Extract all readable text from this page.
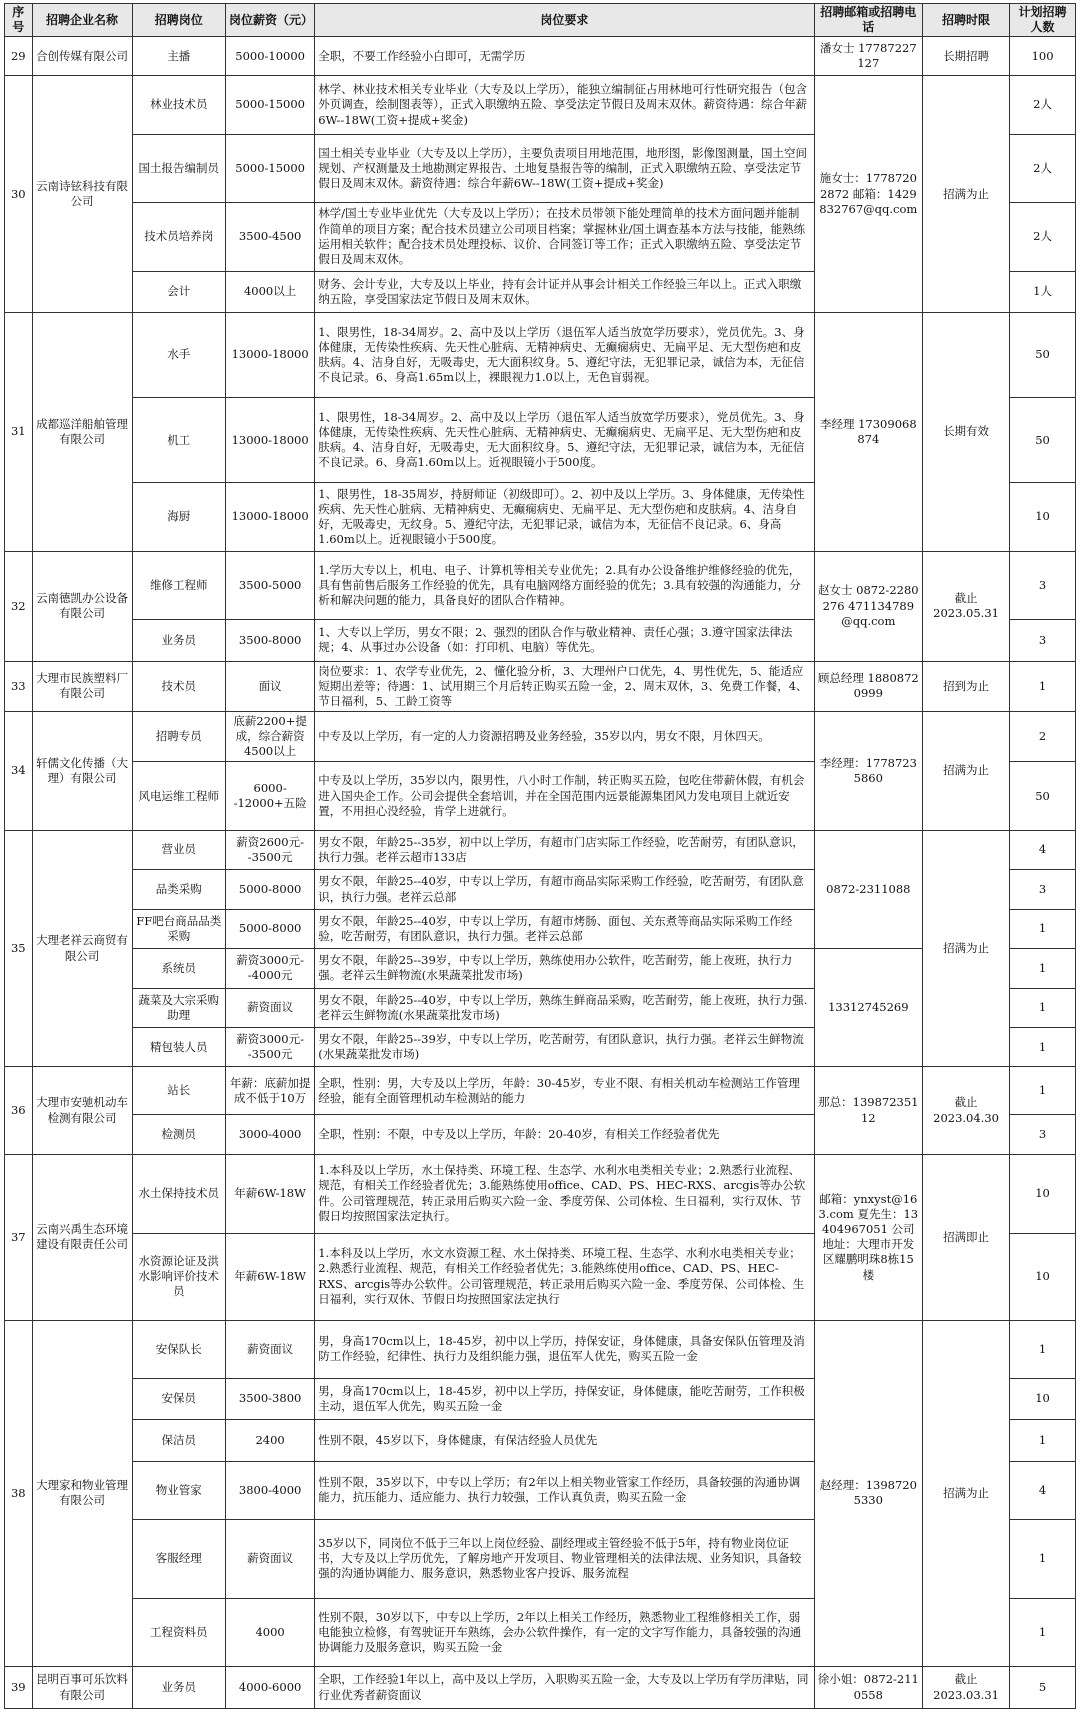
序号	招聘企业名称	招聘岗位	岗位薪资（元）	岗位要求	招聘邮箱或招聘电话	招聘时限	计划招聘人数
29	合创传媒有限公司	主播	5000-10000	全职，不要工作经验小白即可，无需学历	潘女士 17787227127	长期招聘	100
30	云南诗铉科技有限公司	林业技术员	5000-15000	林学、林业技术相关专业毕业（大专及以上学历），能独立编制征占用林地可行性研究报告（包含外页调查，绘制图表等），正式入职缴纳五险、享受法定节假日及周末双休。薪资待遇：综合年薪6W--18W(工资+提成+奖金)	施女士：17787202872 邮箱：1429832767@qq.com	招满为止	2人
		国土报告编制员	5000-15000	国土相关专业毕业（大专及以上学历），主要负责项目用地范围，地形图，影像图测量，国土空间规划、产权测量及土地勘测定界报告、土地复垦报告等的编制，正式入职缴纳五险、享受法定节假日及周末双休。薪资待遇：综合年薪6W--18W(工资+提成+奖金)			2人
		技术员培养岗	3500-4500	林学/国土专业毕业优先（大专及以上学历）；在技术员带领下能处理简单的技术方面问题并能制作简单的项目方案；配合技术员建立公司项目档案；掌握林业/国土调查基本方法与技能，能熟练运用相关软件；配合技术员处理投标、议价、合同签订等工作；正式入职缴纳五险、享受法定节假日及周末双休。			2人
		会计	4000以上	财务、会计专业，大专及以上毕业，持有会计证并从事会计相关工作经验三年以上。正式入职缴纳五险，享受国家法定节假日及周末双休。			1人
31	成都巡洋船舶管理有限公司	水手	13000-18000	1、限男性，18-34周岁。2、高中及以上学历（退伍军人适当放宽学历要求），党员优先。3、身体健康，无传染性疾病、先天性心脏病、无精神病史、无癫痫病史、无扁平足、无大型伤疤和皮肤病。4、洁身自好，无吸毒史，无大面积纹身。5、遵纪守法，无犯罪记录，诚信为本，无征信不良记录。6、身高1.65m以上，裸眼视力1.0以上，无色盲弱视。	李经理 17309068874	长期有效	50
		机工	13000-18000	1、限男性，18-34周岁。2、高中及以上学历（退伍军人适当放宽学历要求），党员优先。3、身体健康，无传染性疾病、先天性心脏病、无精神病史、无癫痫病史、无扁平足、无大型伤疤和皮肤病。4、洁身自好，无吸毒史，无大面积纹身。5、遵纪守法，无犯罪记录，诚信为本，无征信不良记录。6、身高1.60m以上。近视眼镜小于500度。			50
		海厨	13000-18000	1、限男性，18-35周岁，持厨师证（初级即可）。2、初中及以上学历。3、身体健康，无传染性疾病、先天性心脏病、无精神病史、无癫痫病史、无扁平足、无大型伤疤和皮肤病。4、洁身自好，无吸毒史，无纹身。5、遵纪守法，无犯罪记录，诚信为本，无征信不良记录。6、身高1.60m以上。近视眼镜小于500度。			10
32	云南德凯办公设备有限公司	维修工程师	3500-5000	1.学历大专以上，机电、电子、计算机等相关专业优先；2.具有办公设备维护维修经验的优先，具有售前售后服务工作经验的优先，具有电脑网络方面经验的优先；3.具有较强的沟通能力，分析和解决问题的能力，具备良好的团队合作精神。	赵女士 0872-2280276 471134789@qq.com	截止 2023.05.31	3
		业务员	3500-8000	1、大专以上学历，男女不限；2、强烈的团队合作与敬业精神、责任心强；3.遵守国家法律法规；4、从事过办公设备（如：打印机、电脑）等优先。			3
33	大理市民族塑料厂有限公司	技术员	面议	岗位要求：1、农学专业优先，2、懂化验分析，3、大理州户口优先，4、男性优先，5、能适应短期出差等；待遇：1、试用期三个月后转正购买五险一金，2、周末双休，3、免费工作餐，4、节日福利，5、工龄工资等	顾总经理 18808720999	招到为止	1
34	轩儒文化传播（大理）有限公司	招聘专员	底薪2200+提成，综合薪资4500以上	中专及以上学历，有一定的人力资源招聘及业务经验，35岁以内，男女不限，月休四天。	李经理：17787235860	招满为止	2
		风电运维工程师	6000--12000+五险	中专及以上学历，35岁以内，限男性，八小时工作制，转正购买五险，包吃住带薪休假，有机会进入国央企工作。公司会提供全套培训，并在全国范围内远景能源集团风力发电项目上就近安置，不用担心没经验，肯学上进就行。			50
35	大理老祥云商贸有限公司	营业员	薪资2600元--3500元	男女不限，年龄25--35岁，初中以上学历，有超市门店实际工作经验，吃苦耐劳，有团队意识，执行力强。老祥云超市133店	0872-2311088	招满为止	4
		品类采购	5000-8000	男女不限，年龄25--40岁，中专以上学历，有超市商品实际采购工作经验，吃苦耐劳，有团队意识，执行力强。老祥云总部			3
		FF吧台商品品类采购	5000-8000	男女不限，年龄25--40岁，中专以上学历，有超市烤肠、面包、关东煮等商品实际采购工作经验，吃苦耐劳，有团队意识，执行力强。老祥云总部			1
		系统员	薪资3000元--4000元	男女不限，年龄25--39岁，中专以上学历，熟练使用办公软件，吃苦耐劳，能上夜班，执行力强。老祥云生鲜物流(水果蔬菜批发市场)	13312745269		1
		蔬菜及大宗采购助理	薪资面议	男女不限，年龄25--40岁，中专以上学历，熟练生鲜商品采购，吃苦耐劳，能上夜班，执行力强.老祥云生鲜物流(水果蔬菜批发市场)			1
		精包装人员	薪资3000元--3500元	男女不限，年龄25--39岁，中专以上学历，吃苦耐劳，有团队意识，执行力强。老祥云生鲜物流(水果蔬菜批发市场)			1
36	大理市安驰机动车检测有限公司	站长	年薪：底薪加提成不低于10万	全职，性别：男，大专及以上学历，年龄：30-45岁，专业不限、有相关机动车检测站工作管理经验，能有全面管理机动车检测站的能力	那总：13987235112	截止 2023.04.30	1
		检测员	3000-4000	全职，性别：不限，中专及以上学历，年龄：20-40岁，有相关工作经验者优先			3
37	云南兴禹生态环境建设有限责任公司	水土保持技术员	年薪6W-18W	1.本科及以上学历，水土保持类、环境工程、生态学、水利水电类相关专业；2.熟悉行业流程、规范，有相关工作经验者优先；3.能熟练使用office、CAD、PS、HEC-RXS、arcgis等办公软件。公司管理规范，转正录用后购买六险一金、季度劳保、公司体检、生日福利，实行双休、节假日均按照国家法定执行。	邮箱：ynxyst@163.com 夏先生：13404967051 公司地址：大理市开发区耀鹏明珠8栋15楼	招满即止	10
		水资源论证及洪水影响评价技术员	年薪6W-18W	1.本科及以上学历，水文水资源工程、水土保持类、环境工程、生态学、水利水电类相关专业；2.熟悉行业流程、规范，有相关工作经验者优先；3.能熟练使用office、CAD、PS、HEC-RXS、arcgis等办公软件。公司管理规范，转正录用后购买六险一金、季度劳保、公司体检、生日福利，实行双休、节假日均按照国家法定执行			10
38	大理家和物业管理有限公司	安保队长	薪资面议	男，身高170cm以上，18-45岁，初中以上学历，持保安证，身体健康，具备安保队伍管理及消防工作经验，纪律性、执行力及组织能力强，退伍军人优先，购买五险一金	赵经理：13987205330	招满为止	1
		安保员	3500-3800	男，身高170cm以上，18-45岁，初中以上学历，持保安证，身体健康，能吃苦耐劳，工作积极主动，退伍军人优先，购买五险一金			10
		保洁员	2400	性别不限，45岁以下，身体健康，有保洁经验人员优先			1
		物业管家	3800-4000	性别不限，35岁以下，中专以上学历；有2年以上相关物业管家工作经历，具备较强的沟通协调能力，抗压能力、适应能力、执行力较强，工作认真负责，购买五险一金			4
		客服经理	薪资面议	35岁以下，同岗位不低于三年以上岗位经验、副经理或主管经验不低于5年，持有物业岗位证书，大专及以上学历优先，了解房地产开发项目、物业管理相关的法律法规、业务知识，具备较强的沟通协调能力、服务意识，熟悉物业客户投诉、服务流程			1
		工程资料员	4000	性别不限，30岁以下，中专以上学历，2年以上相关工作经历，熟悉物业工程维修相关工作，弱电能独立检修，有驾驶证开车熟练，会办公软件操作，有一定的文字写作能力，具备较强的沟通协调能力及服务意识，购买五险一金			1
39	昆明百事可乐饮料有限公司	业务员	4000-6000	全职，工作经验1年以上，高中及以上学历，入职购买五险一金，大专及以上学历有学历津贴，同行业优秀者薪资面议	徐小姐：0872-2110558	截止 2023.03.31	5
